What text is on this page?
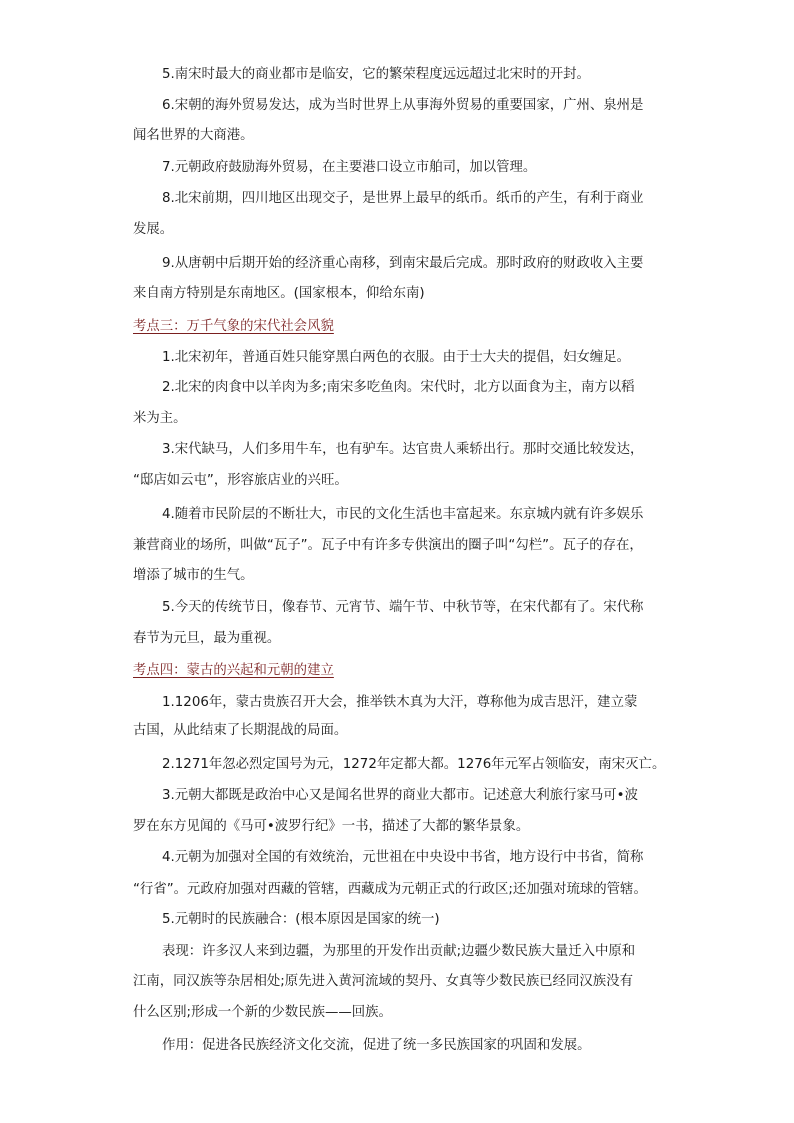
5.南宋时最大的商业都市是临安，它的繁荣程度远远超过北宋时的开封。
6.宋朝的海外贸易发达，成为当时世界上从事海外贸易的重要国家，广州、泉州是
闻名世界的大商港。
7.元朝政府鼓励海外贸易，在主要港口设立市舶司，加以管理。
8.北宋前期，四川地区出现交子，是世界上最早的纸币。纸币的产生，有利于商业
发展。
9.从唐朝中后期开始的经济重心南移，到南宋最后完成。那时政府的财政收入主要
来自南方特别是东南地区。(国家根本，仰给东南)
考点三：万千气象的宋代社会风貌
1.北宋初年，普通百姓只能穿黑白两色的衣服。由于士大夫的提倡，妇女缠足。
2.北宋的肉食中以羊肉为多;南宋多吃鱼肉。宋代时，北方以面食为主，南方以稻
米为主。
3.宋代缺马，人们多用牛车，也有驴车。达官贵人乘轿出行。那时交通比较发达，
“邸店如云屯”，形容旅店业的兴旺。
4.随着市民阶层的不断壮大，市民的文化生活也丰富起来。东京城内就有许多娱乐
兼营商业的场所，叫做“瓦子”。瓦子中有许多专供演出的圈子叫“勾栏”。瓦子的存在，
增添了城市的生气。
5.今天的传统节日，像春节、元宵节、端午节、中秋节等，在宋代都有了。宋代称
春节为元旦，最为重视。
考点四：蒙古的兴起和元朝的建立
1.1206年，蒙古贵族召开大会，推举铁木真为大汗，尊称他为成吉思汗，建立蒙
古国，从此结束了长期混战的局面。
2.1271年忽必烈定国号为元，1272年定都大都。1276年元军占领临安，南宋灭亡。
3.元朝大都既是政治中心又是闻名世界的商业大都市。记述意大利旅行家马可•波
罗在东方见闻的《马可•波罗行纪》一书，描述了大都的繁华景象。
4.元朝为加强对全国的有效统治，元世祖在中央设中书省，地方设行中书省，简称
“行省”。元政府加强对西藏的管辖，西藏成为元朝正式的行政区;还加强对琉球的管辖。
5.元朝时的民族融合：(根本原因是国家的统一)
表现：许多汉人来到边疆，为那里的开发作出贡献;边疆少数民族大量迁入中原和
江南，同汉族等杂居相处;原先进入黄河流域的契丹、女真等少数民族已经同汉族没有
什么区别;形成一个新的少数民族——回族。
作用：促进各民族经济文化交流，促进了统一多民族国家的巩固和发展。
